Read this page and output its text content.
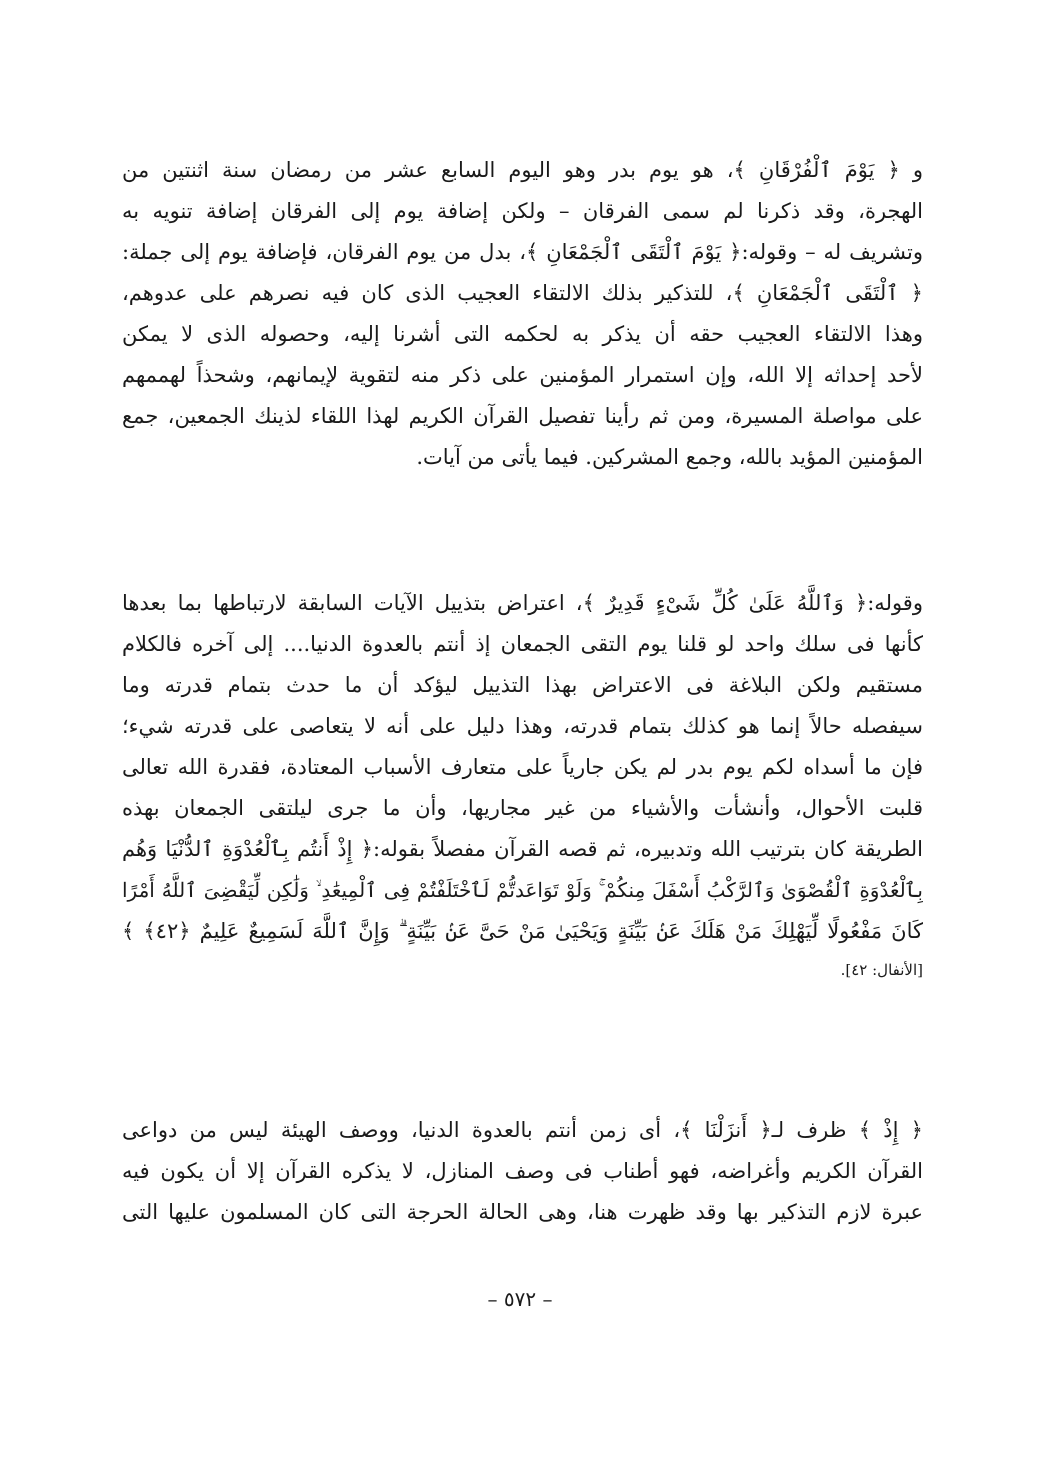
و ﴿ يَوْمَ ٱلْفُرْقَانِ ﴾، هو يوم بدر وهو اليوم السابع عشر من رمضان سنة اثنتين من
الهجرة، وقد ذكرنا لم سمى الفرقان – ولكن إضافة يوم إلى الفرقان إضافة تنويه به
وتشريف له – وقوله:﴿ يَوْمَ ٱلْتَقَى ٱلْجَمْعَانِ ﴾، بدل من يوم الفرقان، فإضافة يوم إلى جملة:
﴿ ٱلْتَقَى ٱلْجَمْعَانِ ﴾، للتذكير بذلك الالتقاء العجيب الذى كان فيه نصرهم على عدوهم،
وهذا الالتقاء العجيب حقه أن يذكر به لحكمه التى أشرنا إليه، وحصوله الذى لا يمكن
لأحد إحداثه إلا الله، وإن استمرار المؤمنين على ذكر منه لتقوية لإيمانهم، وشحذاً لهممهم
على مواصلة المسيرة، ومن ثم رأينا تفصيل القرآن الكريم لهذا اللقاء لذينك الجمعين، جمع
المؤمنين المؤيد بالله، وجمع المشركين. فيما يأتى من آيات.
وقوله:﴿ وَٱللَّهُ عَلَىٰ كُلِّ شَىْءٍ قَدِيرٌ ﴾، اعتراض بتذييل الآيات السابقة لارتباطها بما بعدها
كأنها فى سلك واحد لو قلنا يوم التقى الجمعان إذ أنتم بالعدوة الدنيا.... إلى آخره فالكلام
مستقيم ولكن البلاغة فى الاعتراض بهذا التذييل ليؤكد أن ما حدث بتمام قدرته وما
سيفصله حالاً إنما هو كذلك بتمام قدرته، وهذا دليل على أنه لا يتعاصى على قدرته شيء؛
فإن ما أسداه لكم يوم بدر لم يكن جارياً على متعارف الأسباب المعتادة، فقدرة الله تعالى
قلبت الأحوال، وأنشأت والأشياء من غير مجاريها، وأن ما جرى ليلتقى الجمعان بهذه
الطريقة كان بترتيب الله وتدبيره، ثم قصه القرآن مفصلاً بقوله:﴿ إِذْ أَنتُم بِٱلْعُدْوَةِ ٱلدُّنْيَا وَهُم
بِٱلْعُدْوَةِ ٱلْقُصْوَىٰ وَٱلرَّكْبُ أَسْفَلَ مِنكُمْ ۚ وَلَوْ تَوَاعَدتُّمْ لَٱخْتَلَفْتُمْ فِى ٱلْمِيعَٰدِ ۙ وَلَٰكِن لِّيَقْضِىَ ٱللَّهُ أَمْرًا
كَانَ مَفْعُولًا لِّيَهْلِكَ مَنْ هَلَكَ عَنۢ بَيِّنَةٍ وَيَحْيَىٰ مَنْ حَىَّ عَنۢ بَيِّنَةٍ ۗ وَإِنَّ ٱللَّهَ لَسَمِيعٌ عَلِيمٌ ﴿٤٢﴾ ﴾
[الأنفال: ٤٢].
﴿ إِذْ ﴾ ظرف لـ﴿ أَنزَلْنَا ﴾، أى زمن أنتم بالعدوة الدنيا، ووصف الهيئة ليس من دواعى
القرآن الكريم وأغراضه، فهو أطناب فى وصف المنازل، لا يذكره القرآن إلا أن يكون فيه
عبرة لازم التذكير بها وقد ظهرت هنا، وهى الحالة الحرجة التى كان المسلمون عليها التى
– ٥٧٢ –
